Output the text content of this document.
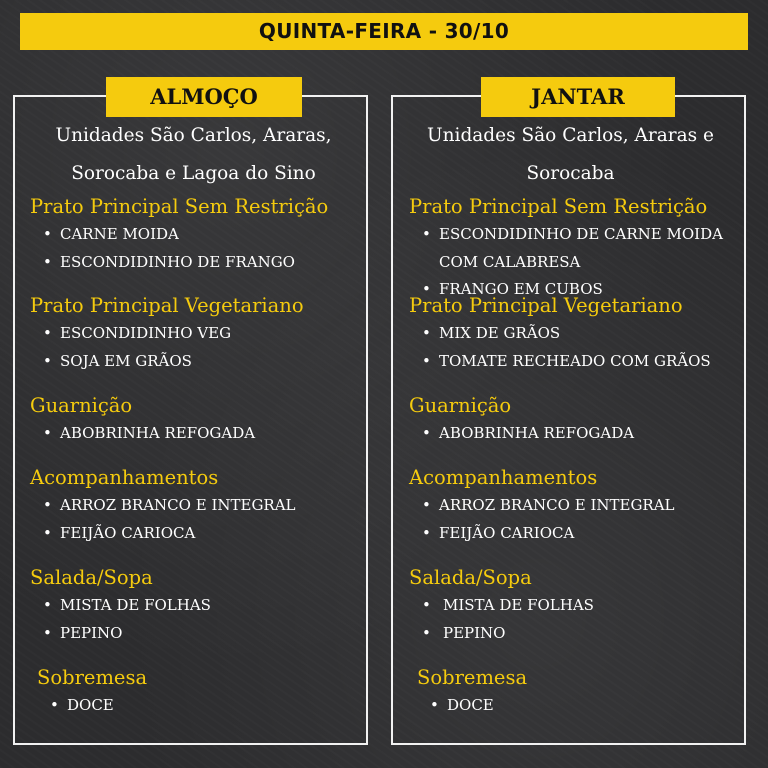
QUINTA-FEIRA - 30/10
ALMOÇO
Unidades São Carlos, Araras, Sorocaba e Lagoa do Sino
Prato Principal Sem Restrição
• CARNE MOIDA
• ESCONDIDINHO DE FRANGO
Prato Principal Vegetariano
• ESCONDIDINHO VEG
• SOJA EM GRÃOS
Guarnição
• ABOBRINHA REFOGADA
Acompanhamentos
• ARROZ BRANCO E INTEGRAL
• FEIJÃO CARIOCA
Salada/Sopa
• MISTA DE FOLHAS
• PEPINO
Sobremesa
• DOCE
JANTAR
Unidades São Carlos, Araras e Sorocaba
Prato Principal Sem Restrição
• ESCONDIDINHO DE CARNE MOIDA COM CALABRESA
• FRANGO EM CUBOS
Prato Principal Vegetariano
• MIX DE GRÃOS
• TOMATE RECHEADO COM GRÃOS
Guarnição
• ABOBRINHA REFOGADA
Acompanhamentos
• ARROZ BRANCO E INTEGRAL
• FEIJÃO CARIOCA
Salada/Sopa
• MISTA DE FOLHAS
• PEPINO
Sobremesa
• DOCE
